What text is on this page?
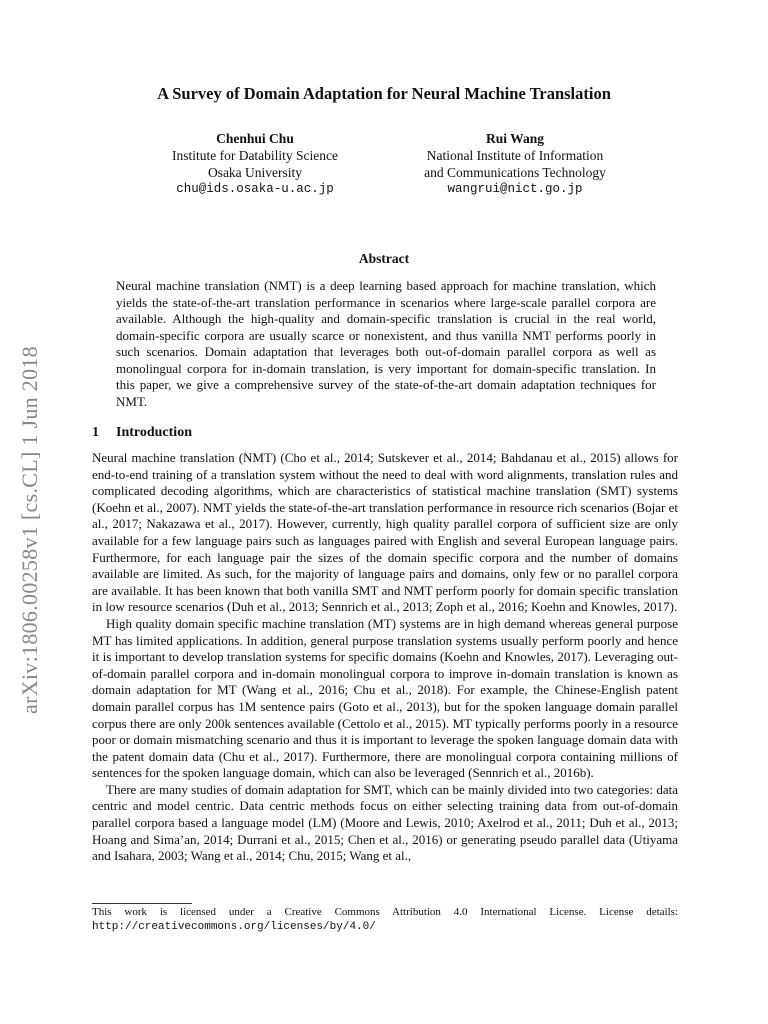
arXiv:1806.00258v1 [cs.CL] 1 Jun 2018
A Survey of Domain Adaptation for Neural Machine Translation
Chenhui Chu
Institute for Datability Science
Osaka University
chu@ids.osaka-u.ac.jp
Rui Wang
National Institute of Information
and Communications Technology
wangrui@nict.go.jp
Abstract
Neural machine translation (NMT) is a deep learning based approach for machine translation, which yields the state-of-the-art translation performance in scenarios where large-scale parallel corpora are available. Although the high-quality and domain-specific translation is crucial in the real world, domain-specific corpora are usually scarce or nonexistent, and thus vanilla NMT performs poorly in such scenarios. Domain adaptation that leverages both out-of-domain parallel corpora as well as monolingual corpora for in-domain translation, is very important for domain-specific translation. In this paper, we give a comprehensive survey of the state-of-the-art domain adaptation techniques for NMT.
1 Introduction

Neural machine translation (NMT) (Cho et al., 2014; Sutskever et al., 2014; Bahdanau et al., 2015) allows for end-to-end training of a translation system without the need to deal with word alignments, translation rules and complicated decoding algorithms, which are characteristics of statistical machine translation (SMT) systems (Koehn et al., 2007). NMT yields the state-of-the-art translation performance in resource rich scenarios (Bojar et al., 2017; Nakazawa et al., 2017). However, currently, high quality parallel corpora of sufficient size are only available for a few language pairs such as languages paired with English and several European language pairs. Furthermore, for each language pair the sizes of the domain specific corpora and the number of domains available are limited. As such, for the majority of language pairs and domains, only few or no parallel corpora are available. It has been known that both vanilla SMT and NMT perform poorly for domain specific translation in low resource scenarios (Duh et al., 2013; Sennrich et al., 2013; Zoph et al., 2016; Koehn and Knowles, 2017).

High quality domain specific machine translation (MT) systems are in high demand whereas general purpose MT has limited applications. In addition, general purpose translation systems usually perform poorly and hence it is important to develop translation systems for specific domains (Koehn and Knowles, 2017). Leveraging out-of-domain parallel corpora and in-domain monolingual corpora to improve in-domain translation is known as domain adaptation for MT (Wang et al., 2016; Chu et al., 2018). For example, the Chinese-English patent domain parallel corpus has 1M sentence pairs (Goto et al., 2013), but for the spoken language domain parallel corpus there are only 200k sentences available (Cettolo et al., 2015). MT typically performs poorly in a resource poor or domain mismatching scenario and thus it is important to leverage the spoken language domain data with the patent domain data (Chu et al., 2017). Furthermore, there are monolingual corpora containing millions of sentences for the spoken language domain, which can also be leveraged (Sennrich et al., 2016b).

There are many studies of domain adaptation for SMT, which can be mainly divided into two categories: data centric and model centric. Data centric methods focus on either selecting training data from out-of-domain parallel corpora based a language model (LM) (Moore and Lewis, 2010; Axelrod et al., 2011; Duh et al., 2013; Hoang and Sima’an, 2014; Durrani et al., 2015; Chen et al., 2016) or generating pseudo parallel data (Utiyama and Isahara, 2003; Wang et al., 2014; Chu, 2015; Wang et al.,

This work is licensed under a Creative Commons Attribution 4.0 International License. License details: http://creativecommons.org/licenses/by/4.0/
